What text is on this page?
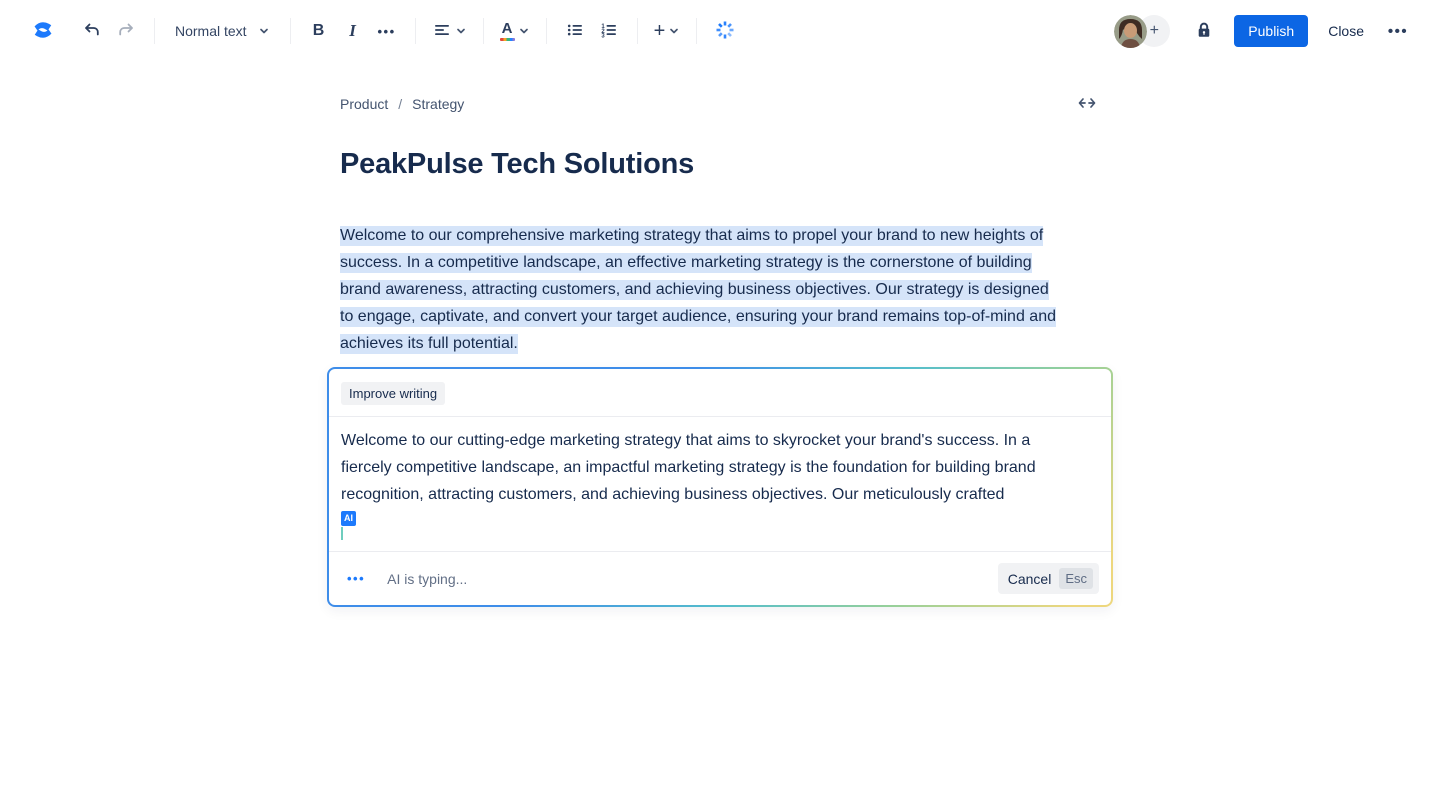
Normal text	B I •••	A	1
2
3 +	+	Publish	Close	•••
Product / Strategy
PeakPulse Tech Solutions
Welcome to our comprehensive marketing strategy that aims to propel your brand to new heights of
success. In a competitive landscape, an effective marketing strategy is the cornerstone of building
brand awareness, attracting customers, and achieving business objectives. Our strategy is designed
to engage, captivate, and convert your target audience, ensuring your brand remains top-of-mind and
achieves its full potential.
Improve writing
Welcome to our cutting-edge marketing strategy that aims to skyrocket your brand's success. In a
fiercely competitive landscape, an impactful marketing strategy is the foundation for building brand
recognition, attracting customers, and achieving business objectives. Our meticulously crafted
AI
••• AI is typing...	Cancel	Esc
